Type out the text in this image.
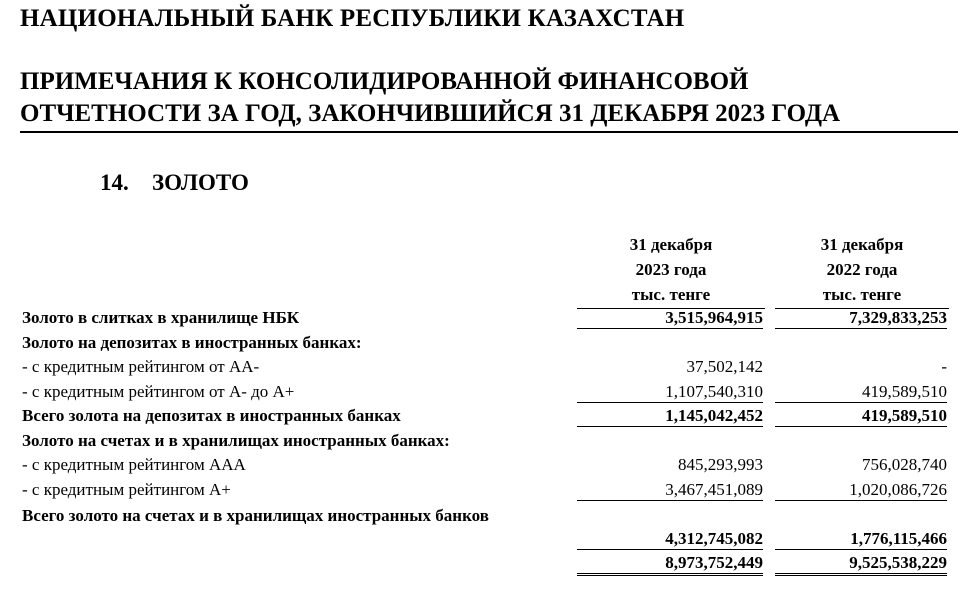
НАЦИОНАЛЬНЫЙ БАНК РЕСПУБЛИКИ КАЗАХСТАН
ПРИМЕЧАНИЯ К КОНСОЛИДИРОВАННОЙ ФИНАНСОВОЙ
ОТЧЕТНОСТИ ЗА ГОД, ЗАКОНЧИВШИЙСЯ 31 ДЕКАБРЯ 2023 ГОДА
14. ЗОЛОТО
31 декабря
2023 года
тыс. тенге
31 декабря
2022 года
тыс. тенге
Золото в слитках в хранилище НБК	3,515,964,915	7,329,833,253
Золото на депозитах в иностранных банках:
- с кредитным рейтингом от АА-	37,502,142	-
- с кредитным рейтингом от А- до А+	1,107,540,310	419,589,510
Всего золота на депозитах в иностранных банках	1,145,042,452	419,589,510
Золото на счетах и в хранилищах иностранных банках:
- с кредитным рейтингом ААА	845,293,993	756,028,740
- с кредитным рейтингом А+	3,467,451,089	1,020,086,726
Всего золото на счетах и в хранилищах иностранных банков
4,312,745,082	1,776,115,466
8,973,752,449	9,525,538,229
